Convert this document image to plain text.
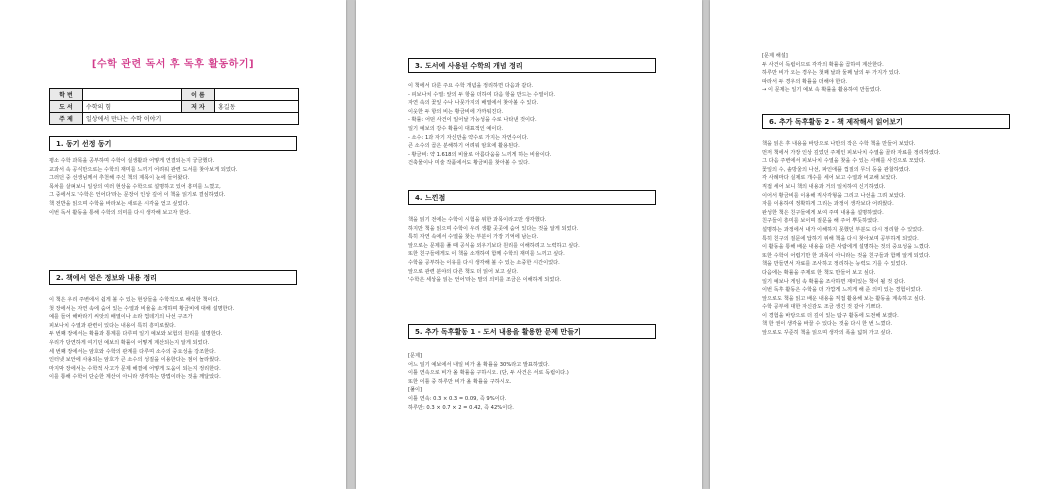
[수학 관련 독서 후 독후 활동하기]
학 번		이 름	
도 서	수학의 힘	저 자	홍길동
주 제	일상에서 만나는 수학 이야기		
1. 동기 선정 동기
평소 수학 과목을 공부하며 수학이 실생활과 어떻게 연결되는지 궁금했다.
교과서 속 공식만으로는 수학의 재미를 느끼기 어려워 관련 도서를 찾아보게 되었다.
그러던 중 선생님께서 추천해 주신 책의 제목이 눈에 들어왔다.
목차를 살펴보니 일상의 여러 현상을 수학으로 설명하고 있어 흥미를 느꼈고,
그 중에서도 '수학은 언어다'라는 문장이 인상 깊어 이 책을 읽기로 결심하였다.
책 전반을 읽으며 수학을 바라보는 새로운 시각을 얻고 싶었다.
이번 독서 활동을 통해 수학의 의미를 다시 생각해 보고자 한다.
2. 책에서 얻은 정보와 내용 정리
이 책은 우리 주변에서 쉽게 볼 수 있는 현상들을 수학적으로 해석한 책이다.
첫 장에서는 자연 속에 숨어 있는 수열과 비율을 소개하며 황금비에 대해 설명한다.
예를 들어 해바라기 씨앗의 배열이나 소라 껍데기의 나선 구조가
피보나치 수열과 관련이 있다는 내용이 특히 흥미로웠다.
두 번째 장에서는 확률과 통계를 다루며 일기 예보와 보험의 원리를 설명한다.
우리가 당연하게 여기던 예보의 확률이 어떻게 계산되는지 알게 되었다.
세 번째 장에서는 암호와 수학의 관계를 다루며 소수의 중요성을 강조한다.
인터넷 보안에 사용되는 암호가 큰 소수의 성질을 이용한다는 점이 놀라웠다.
마지막 장에서는 수학적 사고가 문제 해결에 어떻게 도움이 되는지 정리한다.
이를 통해 수학이 단순한 계산이 아니라 생각하는 방법이라는 것을 깨달았다.
3. 도서에 사용된 수학의 개념 정리
이 책에서 다룬 주요 수학 개념을 정리하면 다음과 같다.
- 피보나치 수열: 앞의 두 항을 더하여 다음 항을 만드는 수열이다.
자연 속의 꽃잎 수나 나뭇가지의 배열에서 찾아볼 수 있다.
이웃한 두 항의 비는 황금비에 가까워진다.
- 확률: 어떤 사건이 일어날 가능성을 수로 나타낸 것이다.
일기 예보의 강수 확률이 대표적인 예이다.
- 소수: 1과 자기 자신만을 약수로 가지는 자연수이다.
큰 소수의 곱은 분해하기 어려워 암호에 활용된다.
- 황금비: 약 1.618의 비율로 아름다움을 느끼게 하는 비율이다.
건축물이나 미술 작품에서도 황금비를 찾아볼 수 있다.
4. 느낀점
책을 읽기 전에는 수학이 시험을 위한 과목이라고만 생각했다.
하지만 책을 읽으며 수학이 우리 생활 곳곳에 숨어 있다는 것을 알게 되었다.
특히 자연 속에서 수열을 찾는 부분이 가장 기억에 남는다.
앞으로는 문제를 풀 때 공식을 외우기보다 원리를 이해하려고 노력하고 싶다.
또한 친구들에게도 이 책을 소개하여 함께 수학의 재미를 느끼고 싶다.
수학을 공부하는 이유를 다시 생각해 볼 수 있는 소중한 시간이었다.
앞으로 관련 분야의 다른 책도 더 읽어 보고 싶다.
'수학은 세상을 읽는 언어'라는 말의 의미를 조금은 이해하게 되었다.
5. 추가 독후활동 1 - 도서 내용을 활용한 문제 만들기
[문제]
어느 일기 예보에서 내일 비가 올 확률을 30%라고 발표하였다.
이틀 연속으로 비가 올 확률을 구하시오. (단, 두 사건은 서로 독립이다.)
또한 이틀 중 하루만 비가 올 확률을 구하시오.
[풀이]
이틀 연속: 0.3 × 0.3 = 0.09, 즉 9%이다.
하루만: 0.3 × 0.7 × 2 = 0.42, 즉 42%이다.
[문제 해설]
두 사건이 독립이므로 각각의 확률을 곱하여 계산한다.
하루만 비가 오는 경우는 첫째 날과 둘째 날의 두 가지가 있다.
따라서 두 경우의 확률을 더해야 한다.
→ 이 문제는 일기 예보 속 확률을 활용하여 만들었다.
6. 추가 독후활동 2 - 책 제작해서 읽어보기
책을 읽은 후 내용을 바탕으로 나만의 작은 수학 책을 만들어 보았다.
먼저 책에서 가장 인상 깊었던 주제인 피보나치 수열을 골라 자료를 정리하였다.
그 다음 주변에서 피보나치 수열을 찾을 수 있는 사례를 사진으로 모았다.
꽃잎의 수, 솔방울의 나선, 파인애플 껍질의 무늬 등을 관찰하였다.
각 사례마다 실제로 개수를 세어 보고 수열과 비교해 보았다.
직접 세어 보니 책의 내용과 거의 일치하여 신기하였다.
이어서 황금비를 이용해 직사각형을 그리고 나선을 그려 보았다.
자를 이용하여 정확하게 그리는 과정이 생각보다 어려웠다.
완성한 책은 친구들에게 보여 주며 내용을 설명하였다.
친구들이 흥미를 보이며 질문을 해 주어 뿌듯하였다.
설명하는 과정에서 내가 이해하지 못했던 부분도 다시 정리할 수 있었다.
특히 친구의 질문에 답하기 위해 책을 다시 찾아보며 공부하게 되었다.
이 활동을 통해 배운 내용을 다른 사람에게 설명하는 것의 중요성을 느꼈다.
또한 수학이 어렵기만 한 과목이 아니라는 것을 친구들과 함께 알게 되었다.
책을 만들면서 자료를 조사하고 정리하는 능력도 기를 수 있었다.
다음에는 확률을 주제로 한 책도 만들어 보고 싶다.
일기 예보나 게임 속 확률을 조사하면 재미있는 책이 될 것 같다.
이번 독후 활동은 수학을 더 가깝게 느끼게 해 준 의미 있는 경험이었다.
앞으로도 책을 읽고 배운 내용을 직접 활용해 보는 활동을 계속하고 싶다.
수학 공부에 대한 자신감도 조금 생긴 것 같아 기쁘다.
이 경험을 바탕으로 더 깊이 있는 탐구 활동에 도전해 보겠다.
책 한 권이 생각을 바꿀 수 있다는 것을 다시 한 번 느꼈다.
앞으로도 꾸준히 책을 읽으며 생각의 폭을 넓혀 가고 싶다.
